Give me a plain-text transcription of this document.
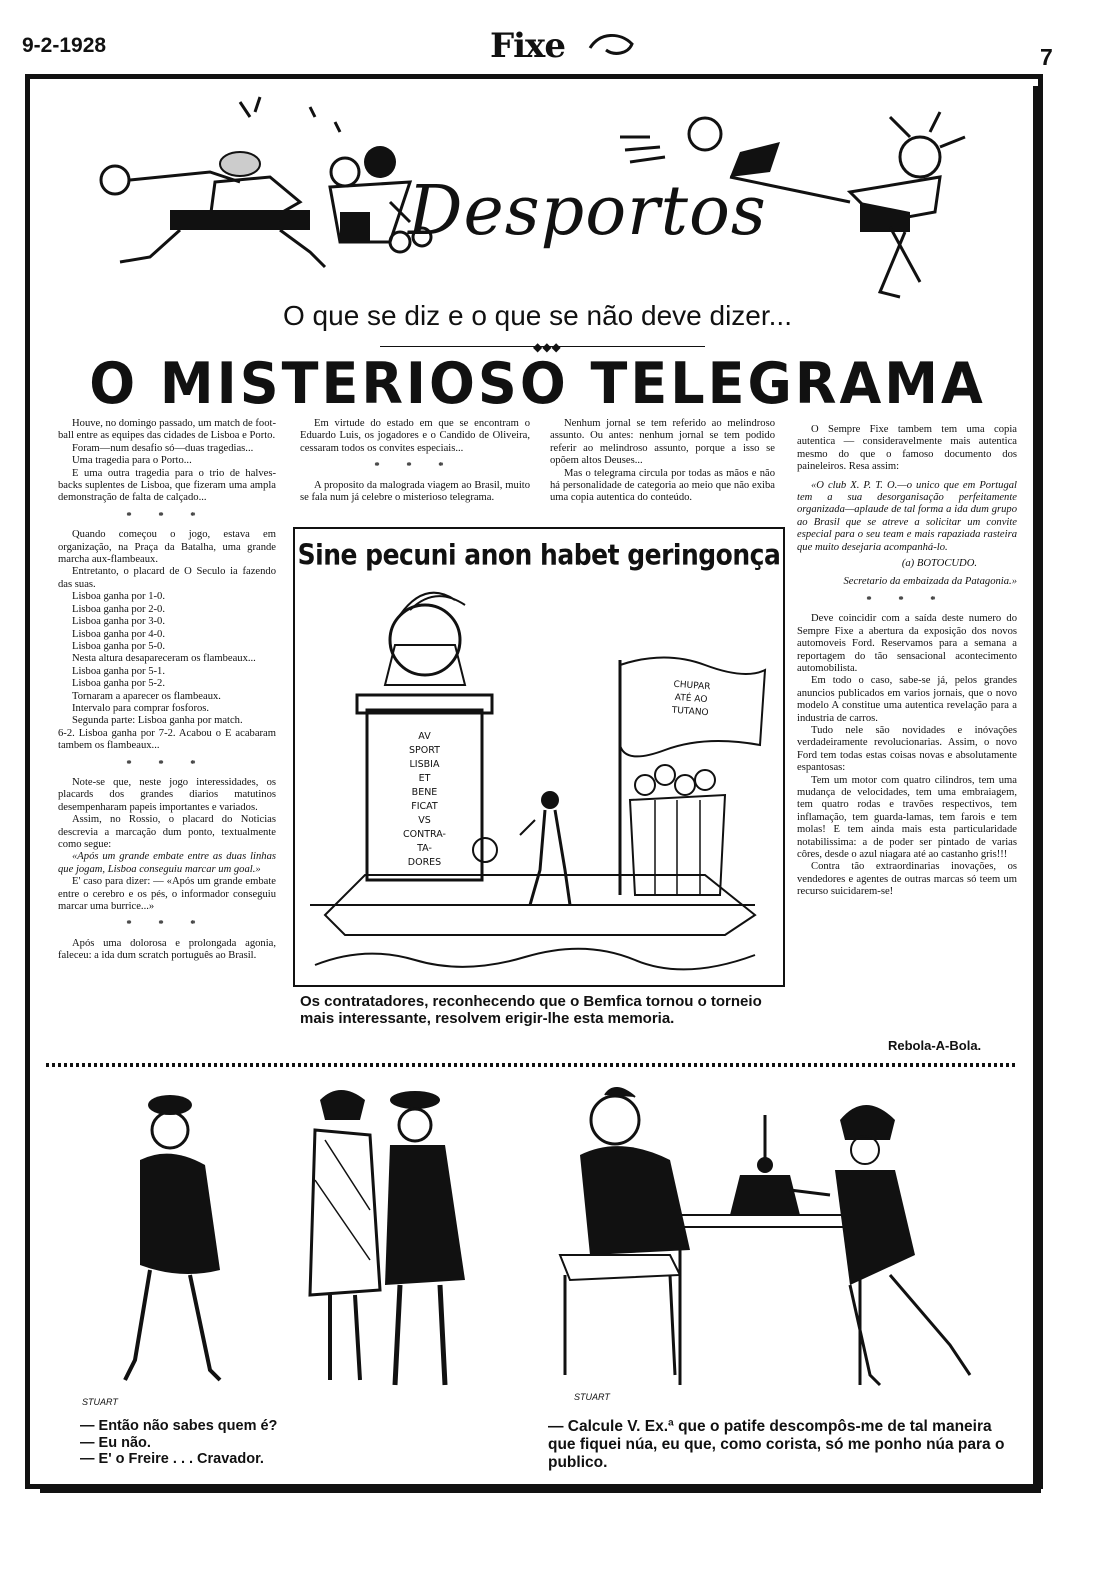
9-2-1928	Fixe	7
Desportos
O que se diz e o que se não deve dizer...
◆◆◆
O MISTERIOSO TELEGRAMA

Houve, no domingo passado, um match de foot-ball entre as equipes das cidades de Lisboa e Porto.

Foram—num desafio só—duas tragedias...

Uma tragedia para o Porto...

E uma outra tragedia para o trio de halves-backs suplentes de Lisboa, que fizeram uma ampla demonstração de falta de calçado...

* * *

Quando começou o jogo, estava em organização, na Praça da Batalha, uma grande marcha aux-flambeaux.

Entretanto, o placard de O Seculo ia fazendo das suas.

Lisboa ganha por 1-0.

Lisboa ganha por 2-0.

Lisboa ganha por 3-0.

Lisboa ganha por 4-0.

Lisboa ganha por 5-0.

Nesta altura desapareceram os flambeaux...

Lisboa ganha por 5-1.

Lisboa ganha por 5-2.

Tornaram a aparecer os flambeaux.

Intervalo para comprar fosforos.

Segunda parte: Lisboa ganha por match.

6-2. Lisboa ganha por 7-2. Acabou o E acabaram tambem os flambeaux...

* * *

Note-se que, neste jogo interessidades, os placards dos grandes diarios matutinos desempenharam papeis importantes e variados.

Assim, no Rossio, o placard do Noticias descrevia a marcação dum ponto, textualmente como segue:

«Após um grande embate entre as duas linhas que jogam, Lisboa conseguiu marcar um goal.»

E' caso para dizer: — «Após um grande embate entre o cerebro e os pés, o informador conseguiu marcar uma burrice...»

* * *

Após uma dolorosa e prolongada agonia, faleceu: a ida dum scratch português ao Brasil.

Em virtude do estado em que se encontram o Eduardo Luis, os jogadores e o Candido de Oliveira, cessaram todos os convites especiais...

* * *

A proposito da malograda viagem ao Brasil, muito se fala num já celebre o misterioso telegrama.

Nenhum jornal se tem referido ao melindroso assunto. Ou antes: nenhum jornal se tem podido referir ao melindroso assunto, porque a isso se opõem altos Deuses...

Mas o telegrama circula por todas as mãos e não há personalidade de categoria ao meio que não exiba uma copia autentica do conteúdo.

O Sempre Fixe tambem tem uma copia autentica — consideravelmente mais autentica mesmo do que o famoso documento dos paineleiros. Resa assim:

«O club X. P. T. O.—o unico que em Portugal tem a sua desorganisação perfeitamente organizada—aplaude de tal forma a ida dum grupo ao Brasil que se atreve a solicitar um convite especial para o seu team e mais rapaziada rasteira que muito desejaria acompanhá-lo.

(a) BOTOCUDO.

Secretario da embaizada da Patagonia.»

* * *

Deve coincidir com a saída deste numero do Sempre Fixe a abertura da exposição dos novos automoveis Ford. Reservamos para a semana a reportagem do tão sensacional acontecimento automobilista.

Em todo o caso, sabe-se já, pelos grandes anuncios publicados em varios jornais, que o novo modelo A constitue uma autentica revelação para a industria de carros.

Tudo nele são novidades e inóvações verdadeiramente revolucionarias. Assim, o novo Ford tem todas estas coisas novas e absolutamente espantosas:

Tem um motor com quatro cilindros, tem uma mudança de velocidades, tem uma embraiagem, tem quatro rodas e travões respectivos, tem inflamação, tem guarda-lamas, tem farois e tem molas! E tem ainda mais esta particularidade notabilissima: a de poder ser pintado de varias côres, desde o azul niagara até ao castanho gris!!!

Contra tão extraordinarias inovações, os vendedores e agentes de outras marcas só teem um recurso suicidarem-se!

Rebola-A-Bola.
Sine pecuni anon habet geringonça
AV
SPORT
LISBIA
ET
BENE
FICAT
VS
CONTRA-
TA-
DORES
CHUPAR
ATÉ AO
TUTANO
Os contratadores, reconhecendo que o Bemfica tornou o torneio mais interessante, resolvem erigir-lhe esta memoria.
STUART
— Então não sabes quem é?
— Eu não.
— E' o Freire . . . Cravador.
STUART
— Calcule V. Ex.ª que o patife descompôs-me de tal maneira que fiquei núa, eu que, como corista, só me ponho núa para o publico.
